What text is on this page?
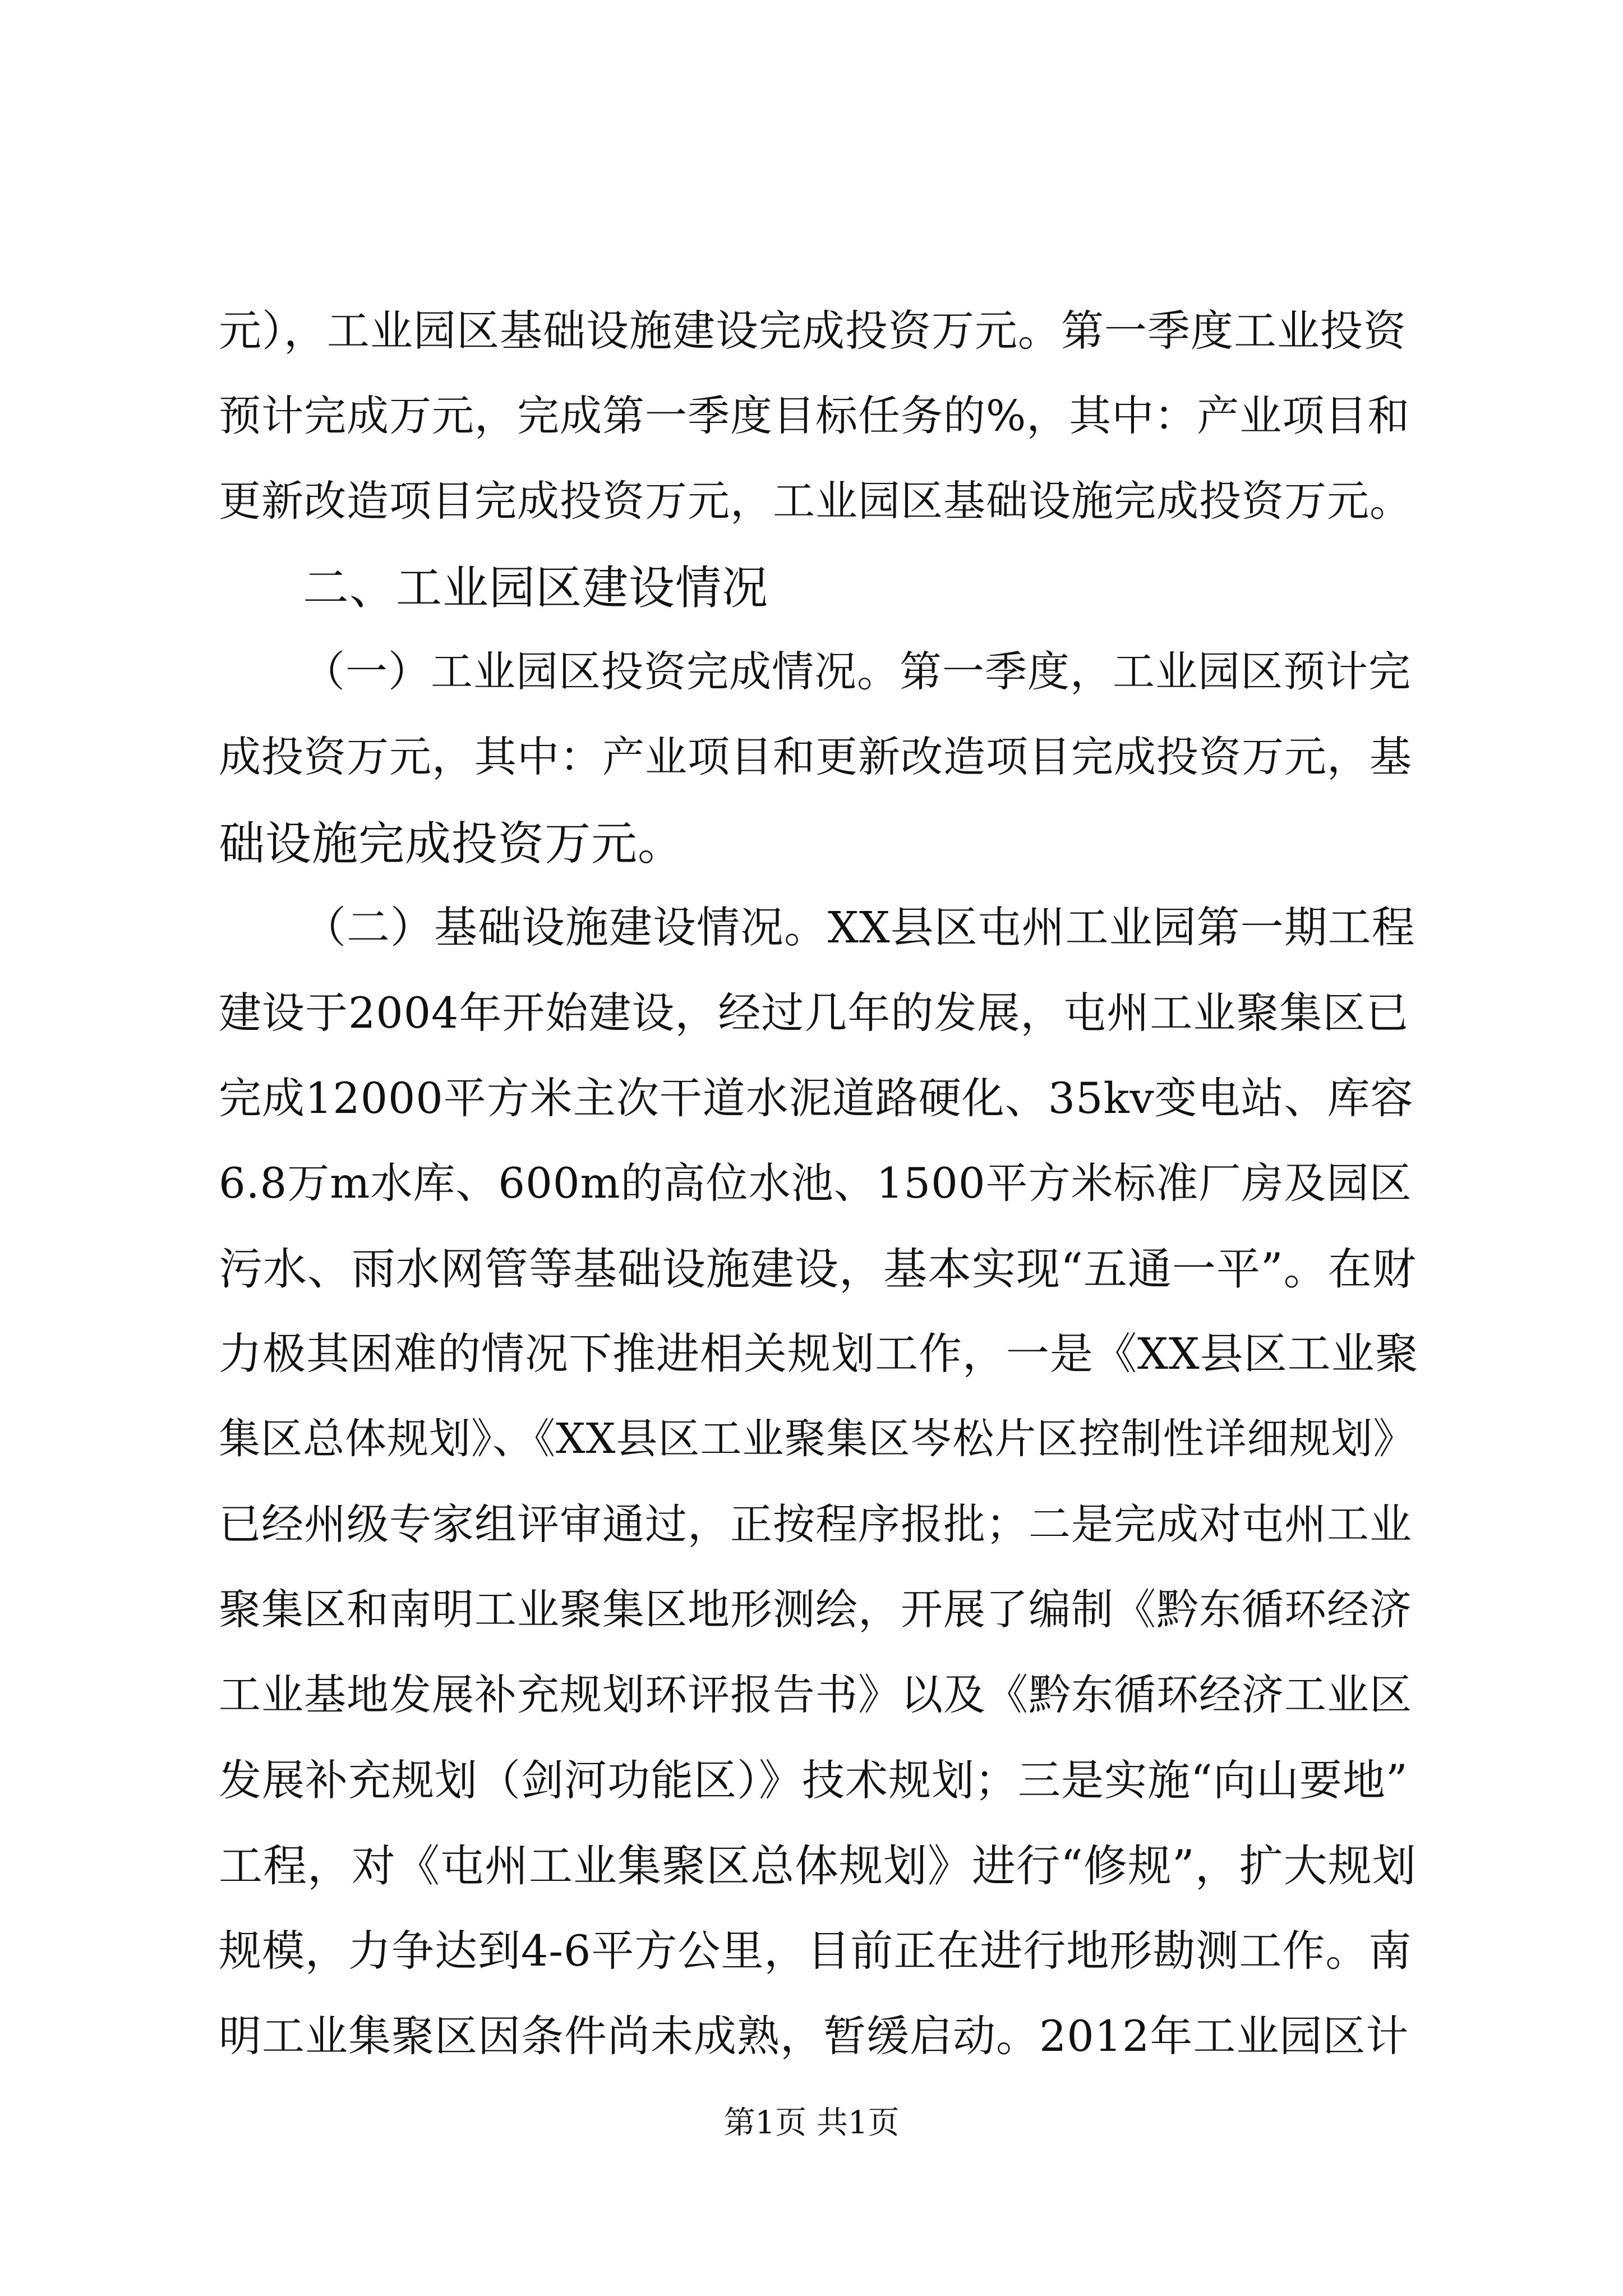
元），工业园区基础设施建设完成投资万元。第一季度工业投资
预计完成万元，完成第一季度目标任务的%，其中：产业项目和
更新改造项目完成投资万元，工业园区基础设施完成投资万元。
二、工业园区建设情况
（一）工业园区投资完成情况。第一季度，工业园区预计完
成投资万元，其中：产业项目和更新改造项目完成投资万元，基
础设施完成投资万元。
（二）基础设施建设情况。XX县区屯州工业园第一期工程
建设于2004年开始建设，经过几年的发展，屯州工业聚集区已
完成12000平方米主次干道水泥道路硬化、35kv变电站、库容
6.8万m水库、600m的高位水池、1500平方米标准厂房及园区
污水、雨水网管等基础设施建设，基本实现“五通一平”。在财
力极其困难的情况下推进相关规划工作，一是《XX县区工业聚
集区总体规划》、《XX县区工业聚集区岑松片区控制性详细规划》
已经州级专家组评审通过，正按程序报批；二是完成对屯州工业
聚集区和南明工业聚集区地形测绘，开展了编制《黔东循环经济
工业基地发展补充规划环评报告书》以及《黔东循环经济工业区
发展补充规划（剑河功能区）》技术规划；三是实施“向山要地”
工程，对《屯州工业集聚区总体规划》进行“修规”，扩大规划
规模，力争达到4-6平方公里，目前正在进行地形勘测工作。南
明工业集聚区因条件尚未成熟，暂缓启动。2012年工业园区计
第1页 共1页
